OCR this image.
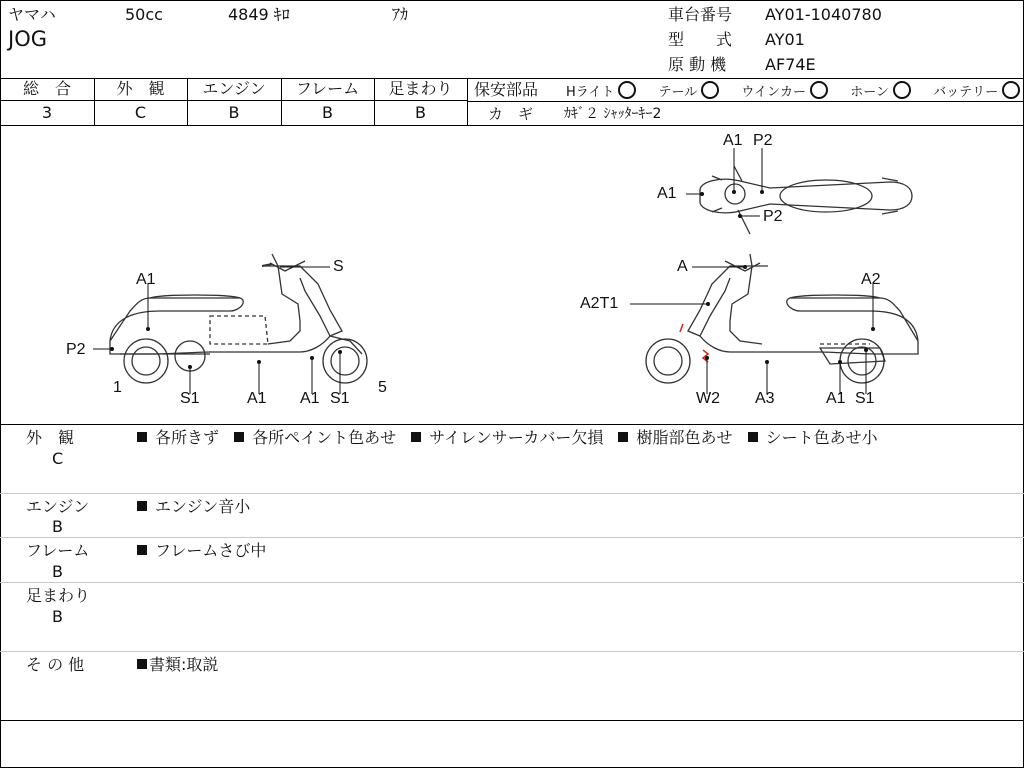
ヤマハ	50cc	4849 ｷﾛ	ｱｶ
JOG
車台番号 AY01-1040780
型　　式 AY01
原 動 機 AF74E
総　合	外　観	エンジン	フレーム	足まわり
3	C	B	B	B
保安部品 Hライト	テール	ウインカー	ホーン	バッテリー
カ　ギ ｶｷﾞ２ ｼｬｯﾀｰｷｰ2
A1
S
P2
1
S1	A1 A1 S1
5
A
A2
A2T1
W2 A3	A1 S1
A1 P2
A1
P2
外　観
C
各所きず 各所ペイント色あせ サイレンサーカバー欠損 樹脂部色あせ シート色あせ小
エンジン
B
エンジン音小
フレーム
B
フレームさび中
足まわり
B
そ の 他	書類:取説
